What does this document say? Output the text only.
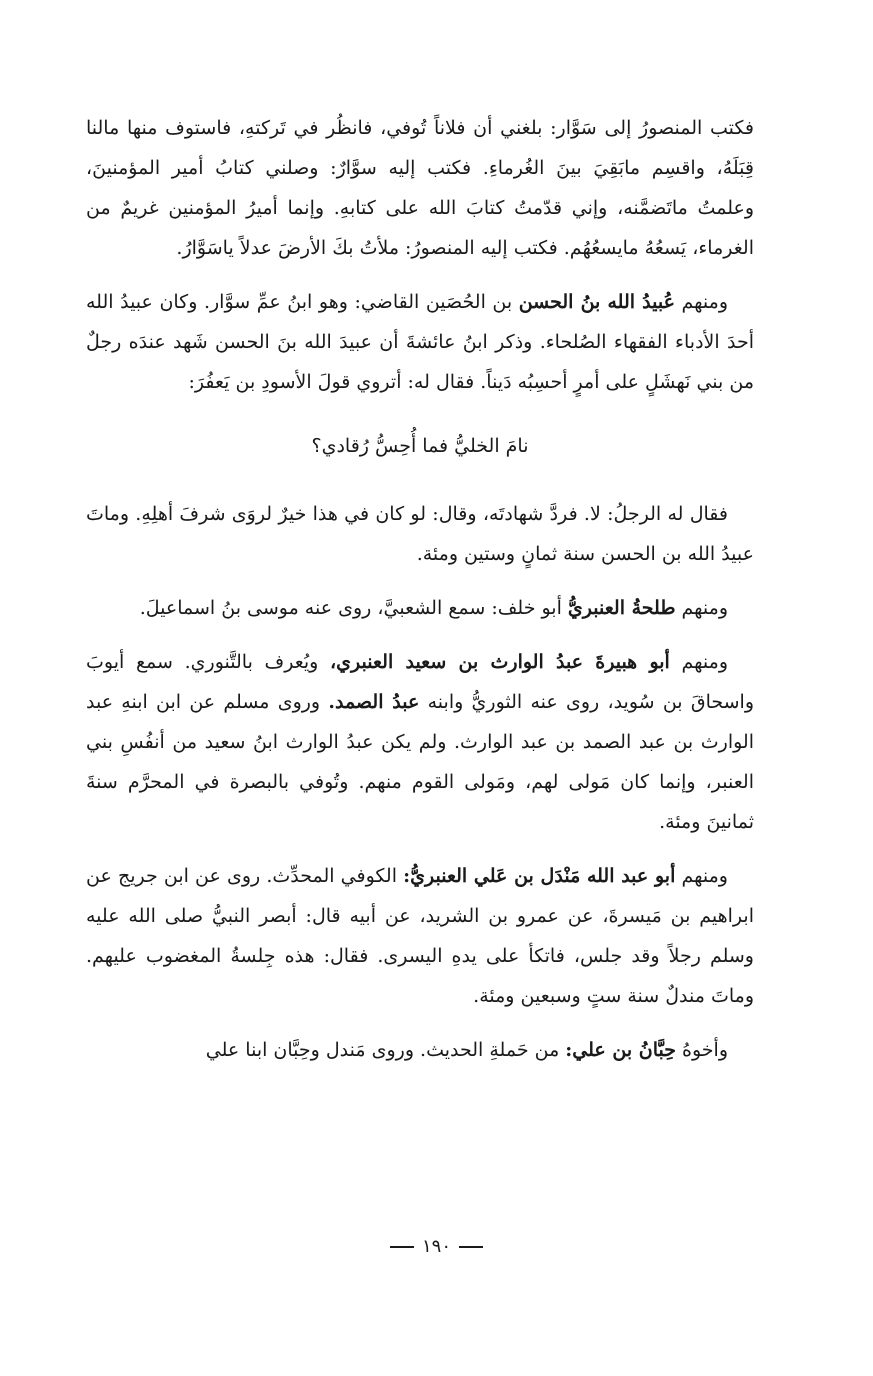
فكتب المنصورُ إلى سَوَّار: بلغني أن فلاناً تُوفي، فانظُر في تَركتهِ، فاستوف منها مالنا قِبَلَهُ، واقسِم مابَقِيَ بينَ الغُرماءِ. فكتب إليه سوَّارٌ: وصلني كتابُ أمير المؤمنينَ، وعلمتُ ماتَضمَّنه، وإني قدّمتُ كتابَ الله على كتابهِ. وإنما أميرُ المؤمنين غريمٌ من الغرماء، يَسعُهُ مايسعُهُم. فكتب إليه المنصورُ: ملأتُ بكَ الأرضَ عدلاً ياسَوَّارُ.

ومنهم عُبيدُ الله بنُ الحسن بن الحُصَين القاضي: وهو ابنُ عمِّ سوَّار. وكان عبيدُ الله أحدَ الأدباء الفقهاء الصُلحاء. وذكر ابنُ عائشةَ أن عبيدَ الله بنَ الحسن شَهد عندَه رجلٌ من بني نَهشَلٍ على أمرٍ أحسِبُه دَيناً. فقال له: أتروي قولَ الأسودِ بن يَعفُرَ:
نامَ الخليُّ فما أُحِسُّ رُقادي؟

فقال له الرجلُ: لا. فردَّ شهادتَه، وقال: لو كان في هذا خيرٌ لروَى شرفَ أهلِهِ. وماتَ عبيدُ الله بن الحسن سنة ثمانٍ وستين ومئة.

ومنهم طلحةُ العنبريُّ أبو خلف: سمع الشعبيَّ، روى عنه موسى بنُ اسماعيلَ.
ومنهم أبو هبيرةَ عبدُ الوارث بن سعيد العنبري، ويُعرف بالتَّنوري. سمع أيوبَ واسحاقَ بن سُويد، روى عنه الثوريُّ وابنه عبدُ الصمد. وروى مسلم عن ابن ابنهِ عبد الوارث بن عبد الصمد بن عبد الوارث. ولم يكن عبدُ الوارث ابنُ سعيد من أنفُسِ بني العنبر، وإنما كان مَولى لهم، ومَولى القوم منهم. وتُوفي بالبصرة في المحرَّم سنةَ ثمانينَ ومئة.
ومنهم أبو عبد الله مَنْدَل بن عَلي العنبريُّ: الكوفي المحدِّث. روى عن ابن جريج عن ابراهيم بن مَيسرةَ، عن عمرو بن الشريد، عن أبيه قال: أبصر النبيُّ صلى الله عليه وسلم رجلاً وقد جلس، فاتكأ على يدهِ اليسرى. فقال: هذه جِلسةُ المغضوب عليهم. وماتَ مندلٌ سنة ستٍ وسبعين ومئة.
وأخوهُ حِبَّانُ بن علي: من حَملةِ الحديث. وروى مَندل وحِبَّان ابنا علي
١٩٠
